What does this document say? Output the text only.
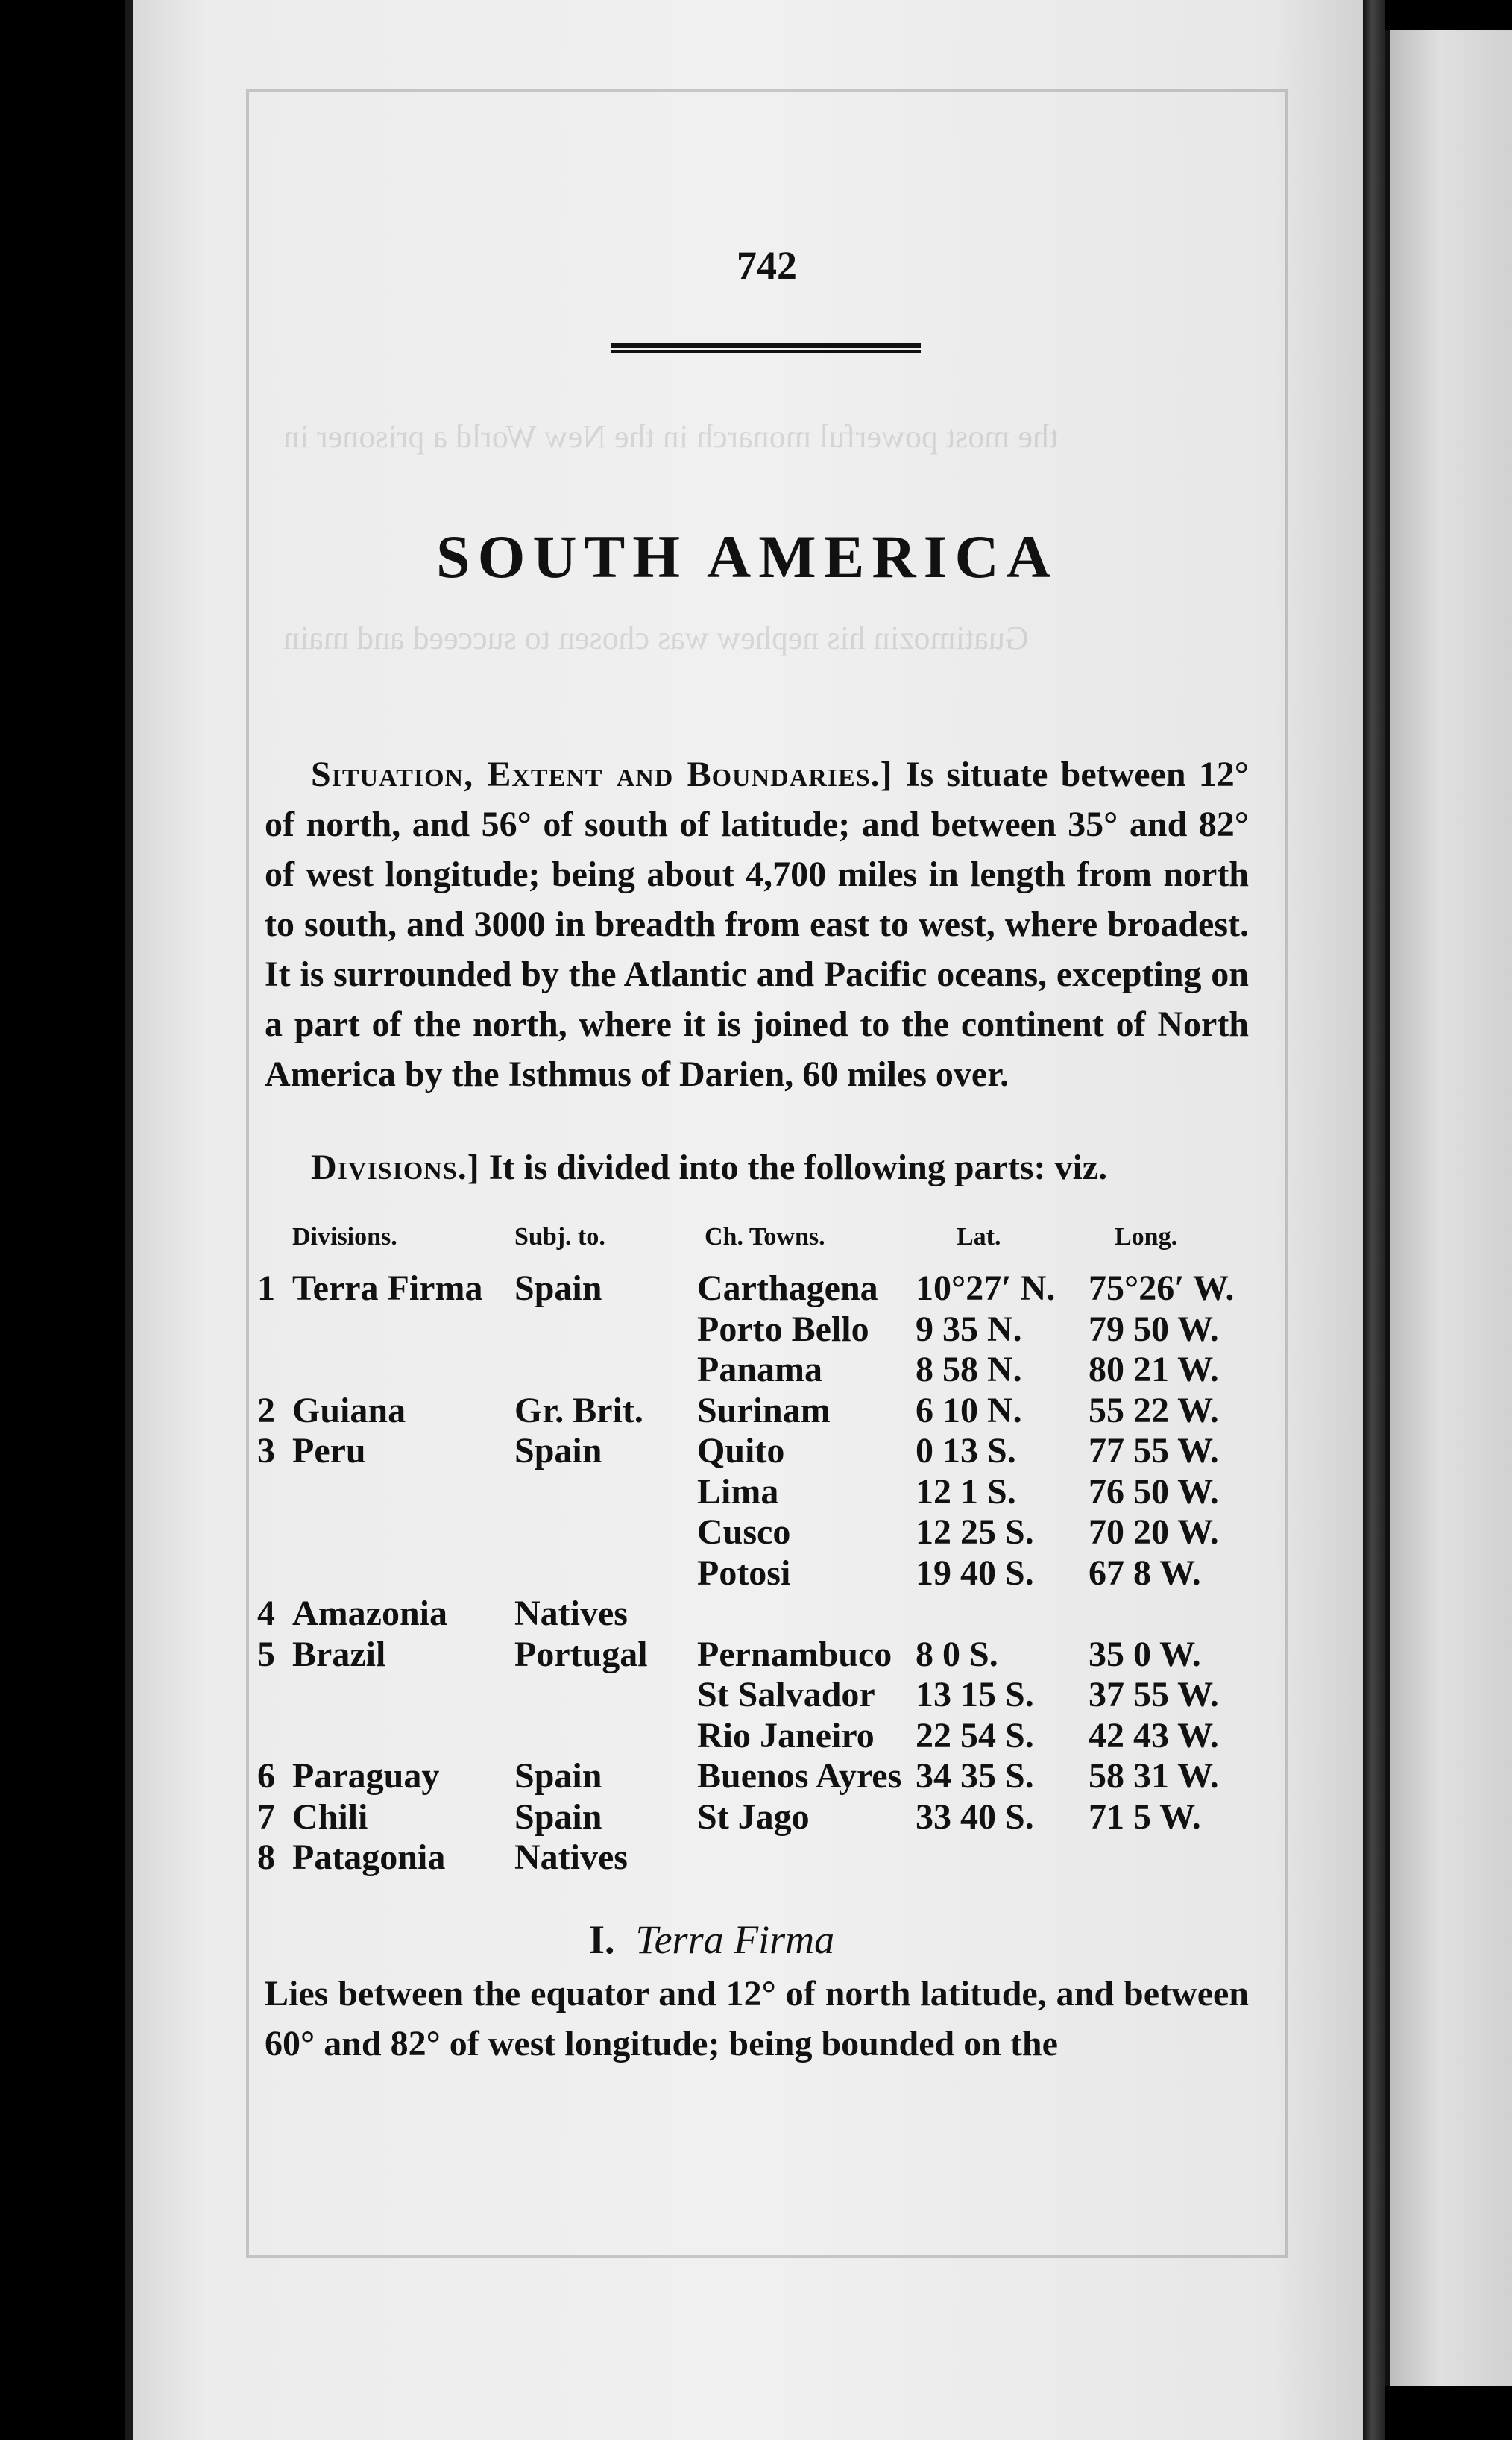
the most powerful monarch in the New World a prisoner in
Guatimozin his nephew was chosen to succeed and main
742
SOUTH AMERICA
Situation, Extent and Boundaries.] Is situate between 12° of north, and 56° of south of latitude; and between 35° and 82° of west longitude; being about 4,700 miles in length from north to south, and 3000 in breadth from east to west, where broadest. It is surrounded by the Atlantic and Pacific oceans, excepting on a part of the north, where it is joined to the continent of North America by the Isthmus of Darien, 60 miles over.
Divisions.] It is divided into the following parts: viz.
Divisions.	Subj. to.	Ch. Towns.	Lat.	Long.
1 Terra Firma Spain	Carthagena 10°27′ N. 75°26′ W.
Porto Bello 9 35 N. 79 50 W.
Panama	8 58 N. 80 21 W.
2 Guiana	Gr. Brit. Surinam 6 10 N. 55 22 W.
3 Peru	Spain	Quito	0 13 S. 77 55 W.
Lima	12 1 S. 76 50 W.
Cusco	12 25 S. 70 20 W.
Potosi	19 40 S. 67 8 W.
4 Amazonia Natives
5 Brazil	Portugal Pernambuco 8 0 S.	35 0 W.
St Salvador 13 15 S. 37 55 W.
Rio Janeiro 22 54 S. 42 43 W.
6 Paraguay Spain	Buenos Ayres 34 35 S. 58 31 W.
7 Chili	Spain	St Jago	33 40 S. 71 5 W.
8 Patagonia Natives
I. Terra Firma
Lies between the equator and 12° of north latitude, and between 60° and 82° of west longitude; being bounded on the
